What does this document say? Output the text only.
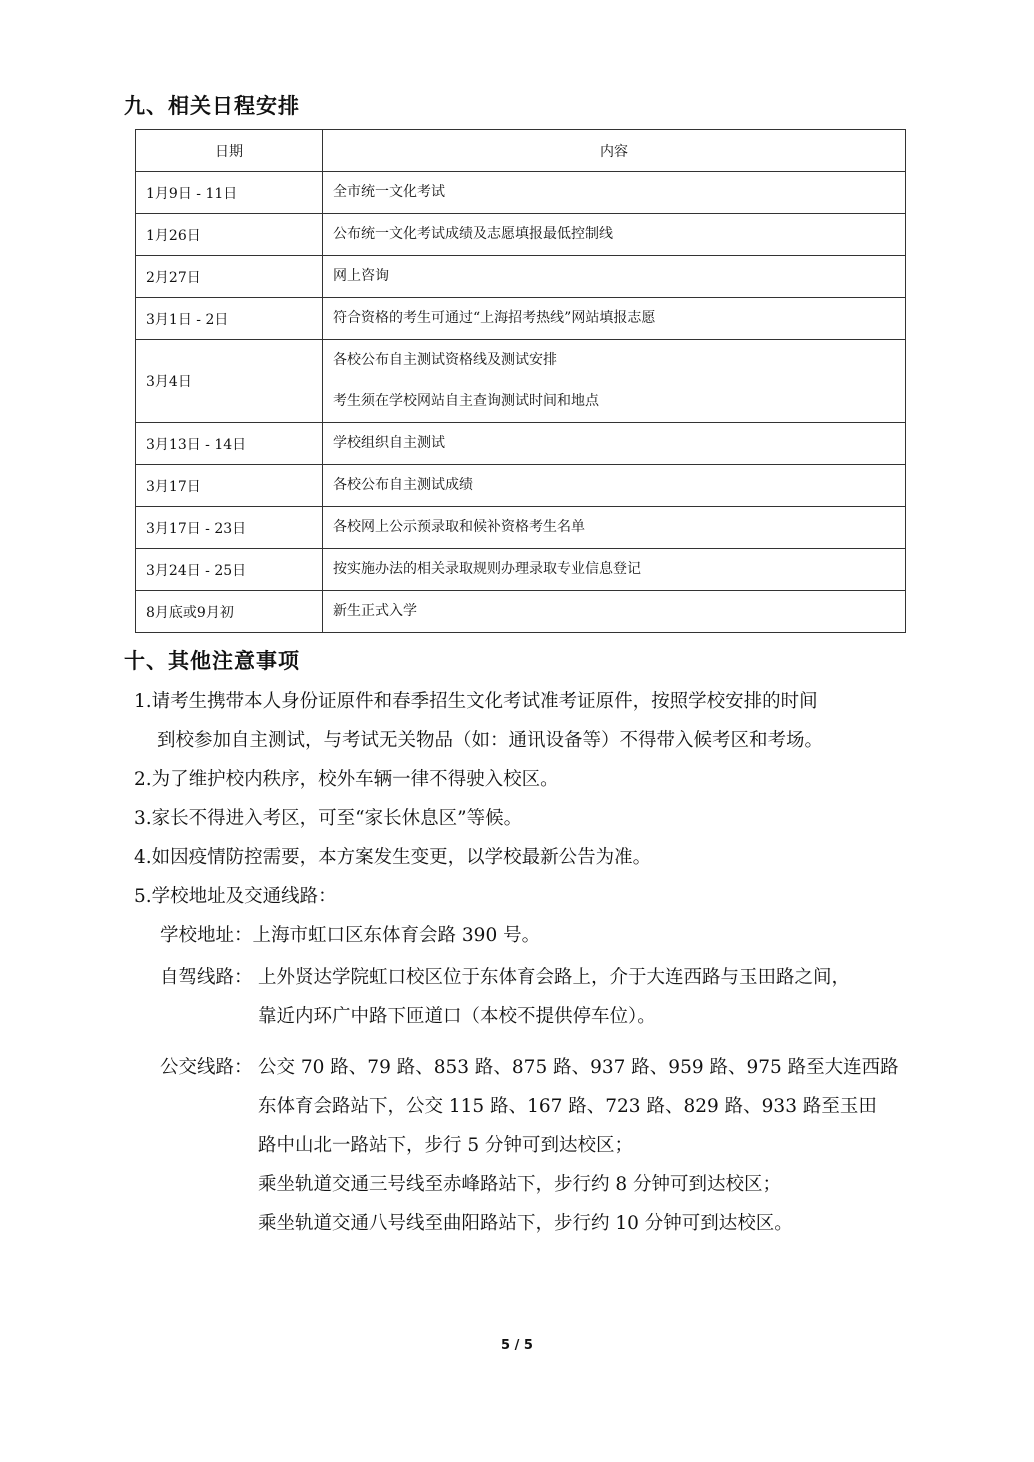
九、相关日程安排
日期	内容
1月9日 - 11日	全市统一文化考试

1月26日	公布统一文化考试成绩及志愿填报最低控制线

2月27日	网上咨询

3月1日 - 2日	符合资格的考生可通过“上海招考热线”网站填报志愿

3月4日	各校公布自主测试资格线及测试安排
考生须在学校网站自主查询测试时间和地点

3月13日 - 14日	学校组织自主测试

3月17日	各校公布自主测试成绩

3月17日 - 23日	各校网上公示预录取和候补资格考生名单

3月24日 - 25日	按实施办法的相关录取规则办理录取专业信息登记

8月底或9月初	新生正式入学
十、其他注意事项
1.请考生携带本人身份证原件和春季招生文化考试准考证原件，按照学校安排的时间
到校参加自主测试，与考试无关物品（如：通讯设备等）不得带入候考区和考场。
2.为了维护校内秩序，校外车辆一律不得驶入校区。
3.家长不得进入考区，可至“家长休息区”等候。
4.如因疫情防控需要，本方案发生变更，以学校最新公告为准。
5.学校地址及交通线路：
学校地址：上海市虹口区东体育会路 390 号。
自驾线路： 上外贤达学院虹口校区位于东体育会路上，介于大连西路与玉田路之间，
靠近内环广中路下匝道口（本校不提供停车位）。
公交线路： 公交 70 路、79 路、853 路、875 路、937 路、959 路、975 路至大连西路
东体育会路站下，公交 115 路、167 路、723 路、829 路、933 路至玉田
路中山北一路站下，步行 5 分钟可到达校区；
乘坐轨道交通三号线至赤峰路站下，步行约 8 分钟可到达校区；
乘坐轨道交通八号线至曲阳路站下，步行约 10 分钟可到达校区。
5 / 5
